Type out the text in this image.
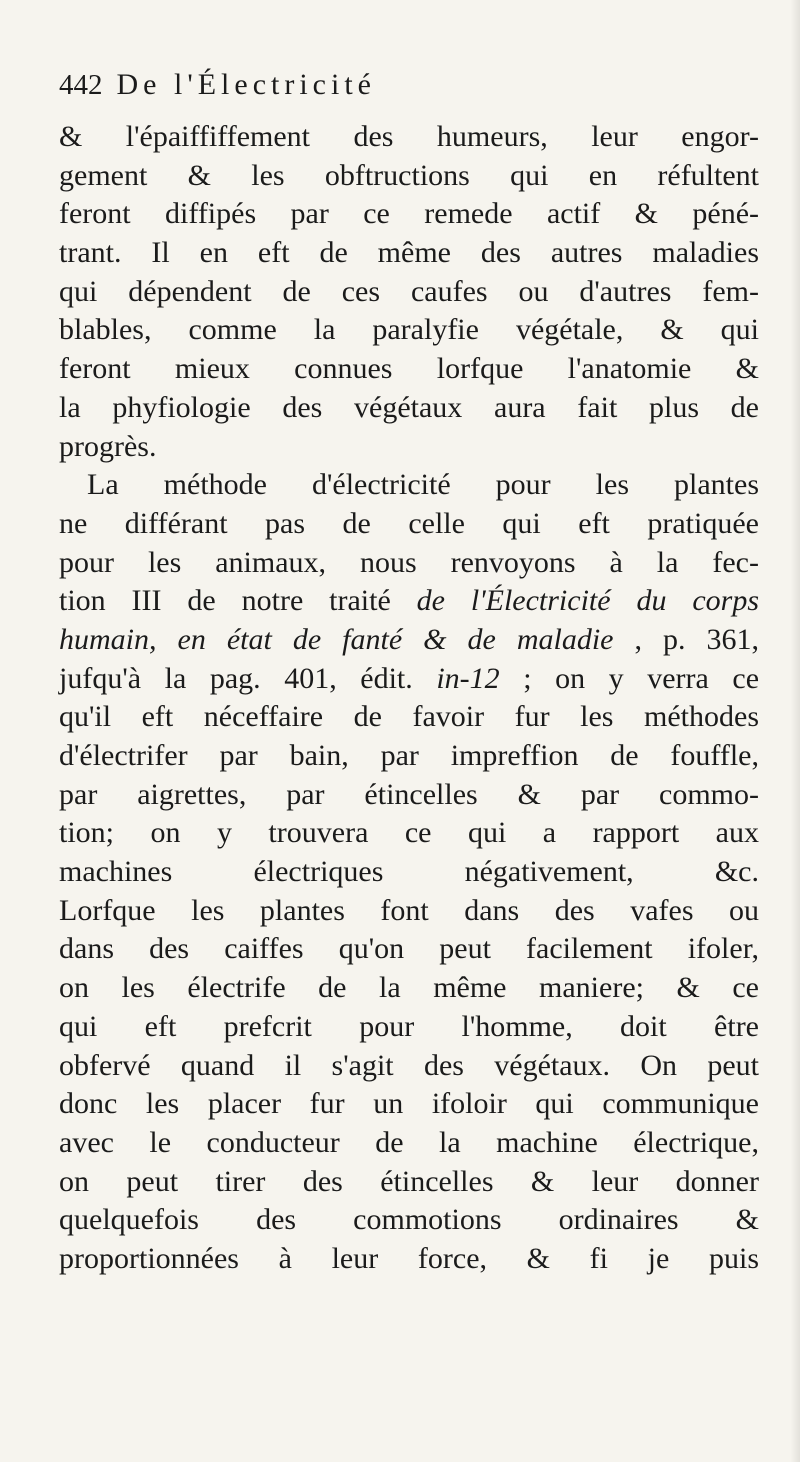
442 De l'Électricité
& l'épaiffiffement des humeurs, leur engor-
gement & les obftructions qui en réfultent
feront diffipés par ce remede actif & péné-
trant. Il en eft de même des autres maladies
qui dépendent de ces caufes ou d'autres fem-
blables, comme la paralyfie végétale, & qui
feront mieux connues lorfque l'anatomie &
la phyfiologie des végétaux aura fait plus de
progrès.
La méthode d'électricité pour les plantes
ne différant pas de celle qui eft pratiquée
pour les animaux, nous renvoyons à la fec-
tion III de notre traité de l'Électricité du corps
humain, en état de fanté & de maladie , p. 361,
jufqu'à la pag. 401, édit. in-12 ; on y verra ce
qu'il eft néceffaire de favoir fur les méthodes
d'électrifer par bain, par impreffion de fouffle,
par aigrettes, par étincelles & par commo-
tion; on y trouvera ce qui a rapport aux
machines électriques négativement, &c.
Lorfque les plantes font dans des vafes ou
dans des caiffes qu'on peut facilement ifoler,
on les électrife de la même maniere; & ce
qui eft prefcrit pour l'homme, doit être
obfervé quand il s'agit des végétaux. On peut
donc les placer fur un ifoloir qui communique
avec le conducteur de la machine électrique,
on peut tirer des étincelles & leur donner
quelquefois des commotions ordinaires &
proportionnées à leur force, & fi je puis
